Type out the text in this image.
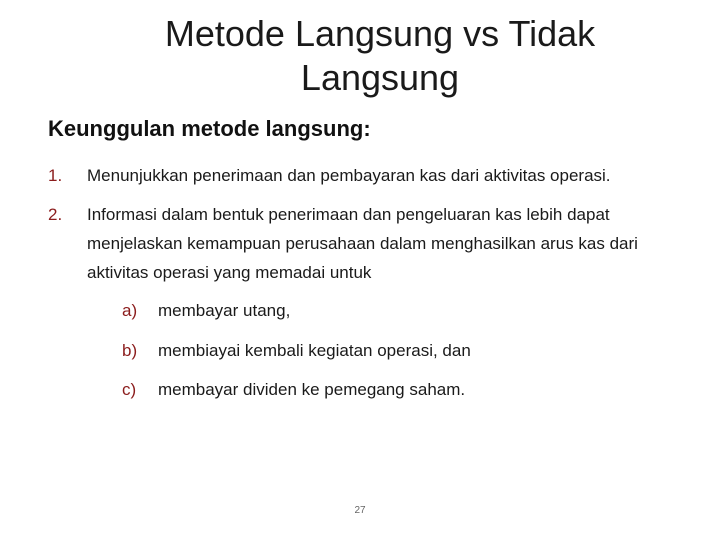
Metode Langsung vs Tidak
Langsung
Keunggulan metode langsung:
1.	Menunjukkan penerimaan dan pembayaran kas dari aktivitas operasi.
2.	Informasi dalam bentuk penerimaan dan pengeluaran kas lebih dapat menjelaskan kemampuan perusahaan dalam menghasilkan arus kas dari aktivitas operasi yang memadai untuk
a)	membayar utang,
b)	membiayai kembali kegiatan operasi, dan
c)	membayar dividen ke pemegang saham.
27
